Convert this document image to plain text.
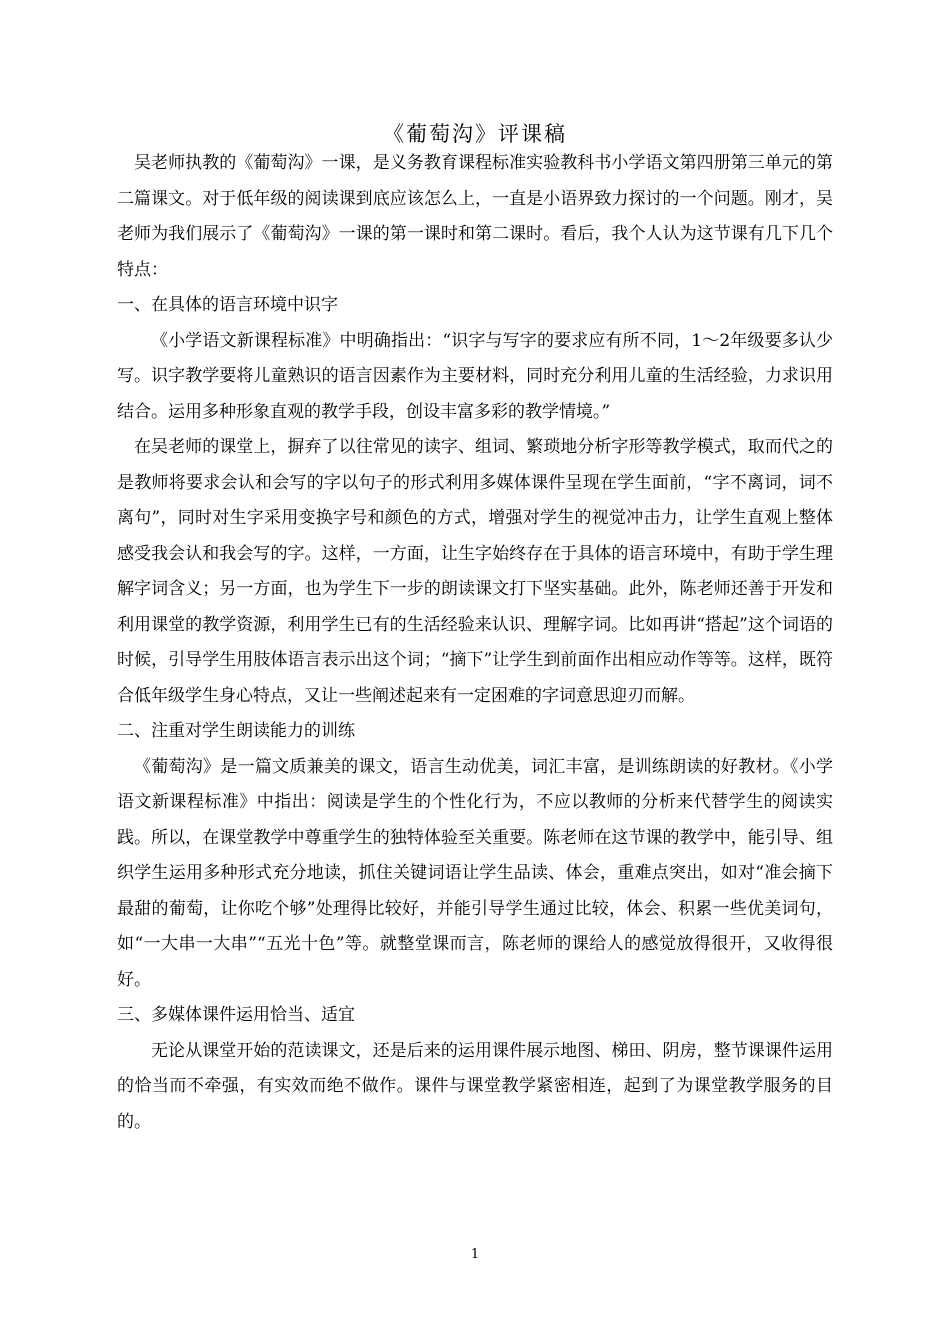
《葡萄沟》评课稿

吴老师执教的《葡萄沟》一课，是义务教育课程标准实验教科书小学语文第四册第三单元的第二篇课文。对于低年级的阅读课到底应该怎么上，一直是小语界致力探讨的一个问题。刚才，吴老师为我们展示了《葡萄沟》一课的第一课时和第二课时。看后，我个人认为这节课有几下几个特点：

一、在具体的语言环境中识字

《小学语文新课程标准》中明确指出：“识字与写字的要求应有所不同，1～2年级要多认少写。识字教学要将儿童熟识的语言因素作为主要材料，同时充分利用儿童的生活经验，力求识用结合。运用多种形象直观的教学手段，创设丰富多彩的教学情境。”

在吴老师的课堂上，摒弃了以往常见的读字、组词、繁琐地分析字形等教学模式，取而代之的是教师将要求会认和会写的字以句子的形式利用多媒体课件呈现在学生面前，“字不离词，词不离句”，同时对生字采用变换字号和颜色的方式，增强对学生的视觉冲击力，让学生直观上整体感受我会认和我会写的字。这样，一方面，让生字始终存在于具体的语言环境中，有助于学生理解字词含义；另一方面，也为学生下一步的朗读课文打下坚实基础。此外，陈老师还善于开发和利用课堂的教学资源，利用学生已有的生活经验来认识、理解字词。比如再讲“搭起”这个词语的时候，引导学生用肢体语言表示出这个词；“摘下”让学生到前面作出相应动作等等。这样，既符合低年级学生身心特点，又让一些阐述起来有一定困难的字词意思迎刃而解。

二、注重对学生朗读能力的训练

《葡萄沟》是一篇文质兼美的课文，语言生动优美，词汇丰富，是训练朗读的好教材。《小学语文新课程标准》中指出：阅读是学生的个性化行为，不应以教师的分析来代替学生的阅读实践。所以，在课堂教学中尊重学生的独特体验至关重要。陈老师在这节课的教学中，能引导、组织学生运用多种形式充分地读，抓住关键词语让学生品读、体会，重难点突出，如对“准会摘下最甜的葡萄，让你吃个够”处理得比较好，并能引导学生通过比较，体会、积累一些优美词句，如“一大串一大串”“五光十色”等。就整堂课而言，陈老师的课给人的感觉放得很开，又收得很好。

三、多媒体课件运用恰当、适宜

无论从课堂开始的范读课文，还是后来的运用课件展示地图、梯田、阴房，整节课课件运用的恰当而不牵强，有实效而绝不做作。课件与课堂教学紧密相连，起到了为课堂教学服务的目的。

1
